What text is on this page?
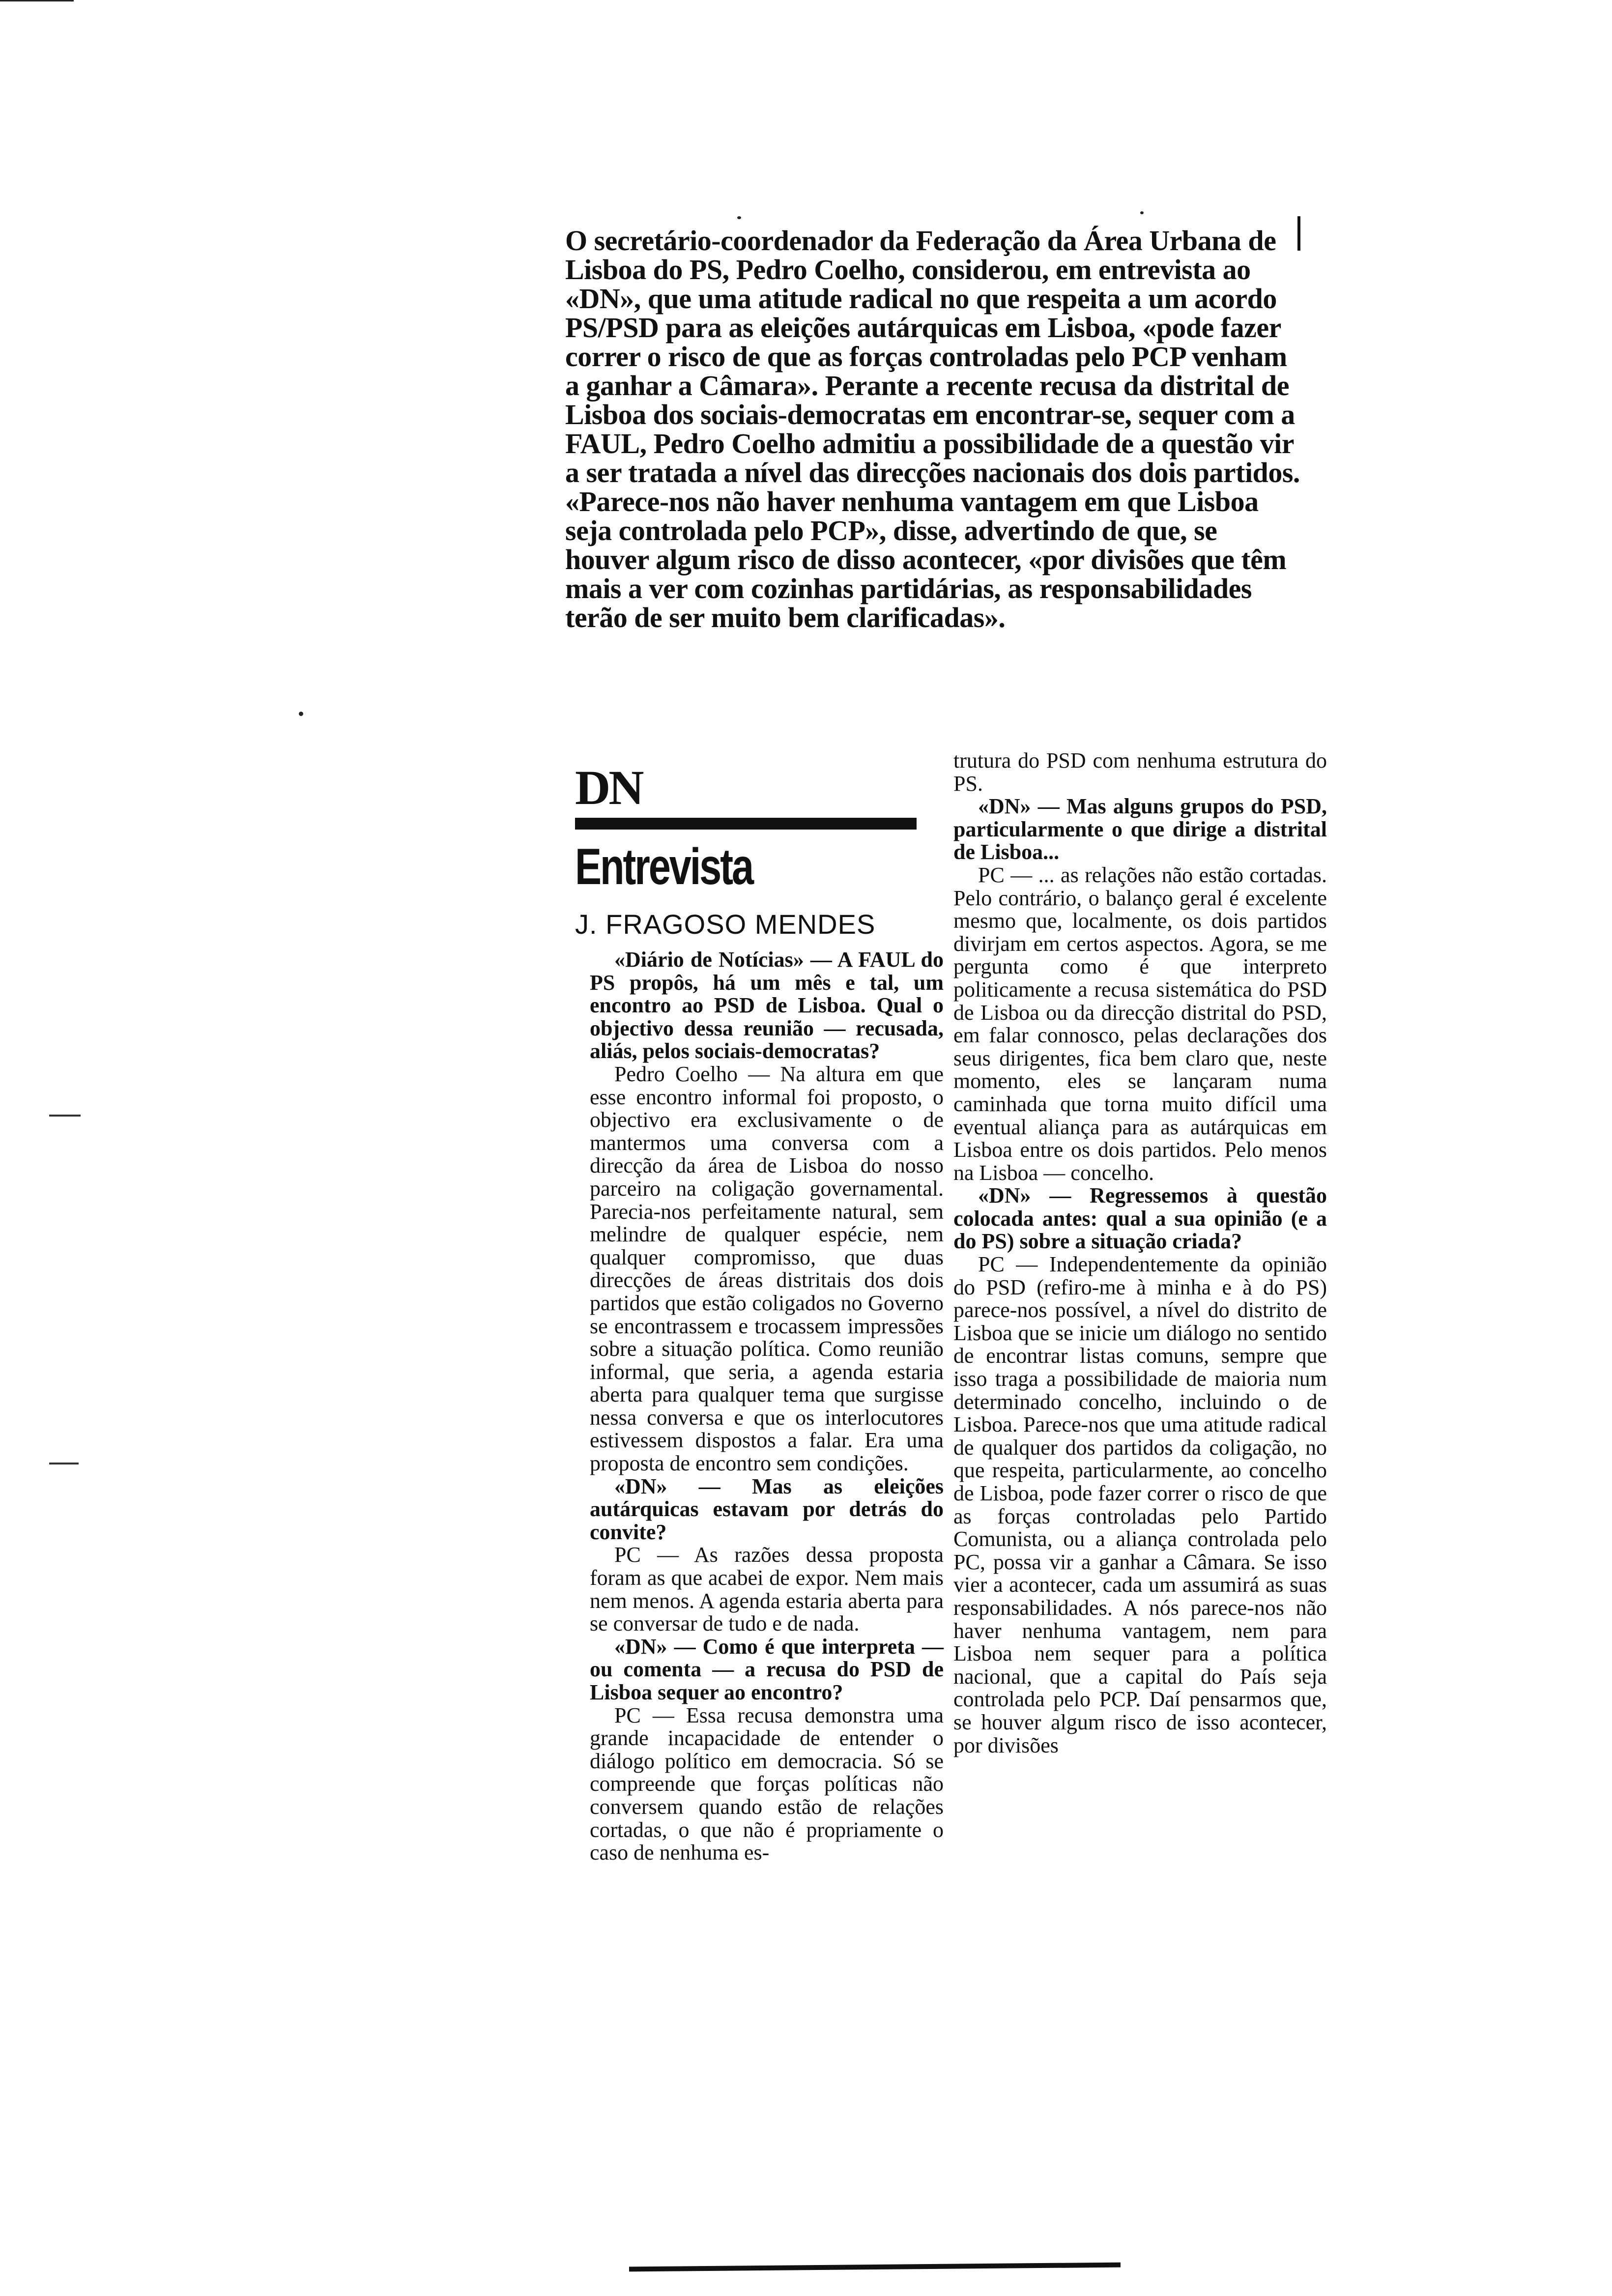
O secretário-coordenador da Federação da Área Urbana de Lisboa do PS, Pedro Coelho, considerou, em entrevista ao «DN», que uma atitude radical no que respeita a um acordo PS/PSD para as eleições autárquicas em Lisboa, «pode fazer correr o risco de que as forças controladas pelo PCP venham a ganhar a Câmara». Perante a recente recusa da distrital de Lisboa dos sociais-democratas em encontrar-se, sequer com a FAUL, Pedro Coelho admitiu a possibilidade de a questão vir a ser tratada a nível das direcções nacionais dos dois partidos.

«Parece-nos não haver nenhuma vantagem em que Lisboa seja controlada pelo PCP», disse, advertindo de que, se houver algum risco de disso acontecer, «por divisões que têm mais a ver com cozinhas partidárias, as responsabilidades terão de ser muito bem clarificadas».

DN
Entrevista
J. FRAGOSO MENDES

«Diário de Notícias» — A FAUL do PS propôs, há um mês e tal, um encontro ao PSD de Lisboa. Qual o objectivo dessa reunião — recusada, aliás, pelos sociais-democratas?

Pedro Coelho — Na altura em que esse encontro informal foi proposto, o objectivo era exclusivamente o de mantermos uma conversa com a direcção da área de Lisboa do nosso parceiro na coligação governamental. Parecia-nos perfeitamente natural, sem melindre de qualquer espécie, nem qualquer compromisso, que duas direcções de áreas distritais dos dois partidos que estão coligados no Governo se encontrassem e trocassem impressões sobre a situação política. Como reunião informal, que seria, a agenda estaria aberta para qualquer tema que surgisse nessa conversa e que os interlocutores estivessem dispostos a falar. Era uma proposta de encontro sem condições.

«DN» — Mas as eleições autárquicas estavam por detrás do convite?

PC — As razões dessa proposta foram as que acabei de expor. Nem mais nem menos. A agenda estaria aberta para se conversar de tudo e de nada.

«DN» — Como é que interpreta — ou comenta — a recusa do PSD de Lisboa sequer ao encontro?

PC — Essa recusa demonstra uma grande incapacidade de entender o diálogo político em democracia. Só se compreende que forças políticas não conversem quando estão de relações cortadas, o que não é propriamente o caso de nenhuma es-

trutura do PSD com nenhuma estrutura do PS.

«DN» — Mas alguns grupos do PSD, particularmente o que dirige a distrital de Lisboa...

PC — ... as relações não estão cortadas. Pelo contrário, o balanço geral é excelente mesmo que, localmente, os dois partidos divirjam em certos aspectos. Agora, se me pergunta como é que interpreto politicamente a recusa sistemática do PSD de Lisboa ou da direcção distrital do PSD, em falar connosco, pelas declarações dos seus dirigentes, fica bem claro que, neste momento, eles se lançaram numa caminhada que torna muito difícil uma eventual aliança para as autárquicas em Lisboa entre os dois partidos. Pelo menos na Lisboa — concelho.

«DN» — Regressemos à questão colocada antes: qual a sua opinião (e a do PS) sobre a situação criada?

PC — Independentemente da opinião do PSD (refiro-me à minha e à do PS) parece-nos possível, a nível do distrito de Lisboa que se inicie um diálogo no sentido de encontrar listas comuns, sempre que isso traga a possibilidade de maioria num determinado concelho, incluindo o de Lisboa. Parece-nos que uma atitude radical de qualquer dos partidos da coligação, no que respeita, particularmente, ao concelho de Lisboa, pode fazer correr o risco de que as forças controladas pelo Partido Comunista, ou a aliança controlada pelo PC, possa vir a ganhar a Câmara. Se isso vier a acontecer, cada um assumirá as suas responsabilidades. A nós parece-nos não haver nenhuma vantagem, nem para Lisboa nem sequer para a política nacional, que a capital do País seja controlada pelo PCP. Daí pensarmos que, se houver algum risco de isso acontecer, por divisões
